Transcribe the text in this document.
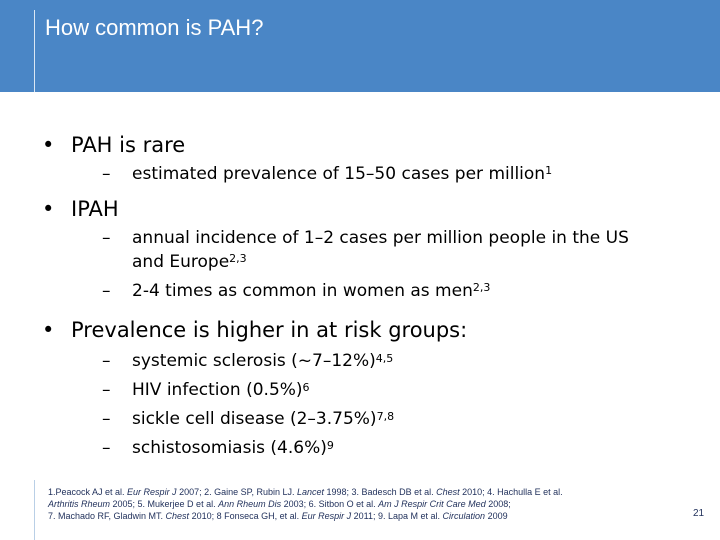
How common is PAH?
• PAH is rare
– estimated prevalence of 15–50 cases per million$^1$
• IPAH
– annual incidence of 1–2 cases per million people in the US and Europe$^{2,3}$
– 2-4 times as common in women as men$^{2,3}$
• Prevalence is higher in at risk groups:
– systemic sclerosis (~7–12%)$^{4,5}$
– HIV infection $(0.5\%)^6$
– sickle cell disease $(2-3.75\%)^{7,8}$
– schistosomiasis $(4.6\%)^9$
1.Peacock AJ et al. Eur Respir J 2007; 2. Gaine SP, Rubin LJ. Lancet 1998; 3. Badesch DB et al. Chest 2010; 4. Hachulla E et al.
Arthritis Rheum 2005; 5. Mukerjee D et al. Ann Rheum Dis 2003; 6. Sitbon O et al. Am J Respir Crit Care Med 2008;
7. Machado RF, Gladwin MT. Chest 2010; 8 Fonseca GH, et al. Eur Respir J 2011; 9. Lapa M et al. Circulation 2009	21
